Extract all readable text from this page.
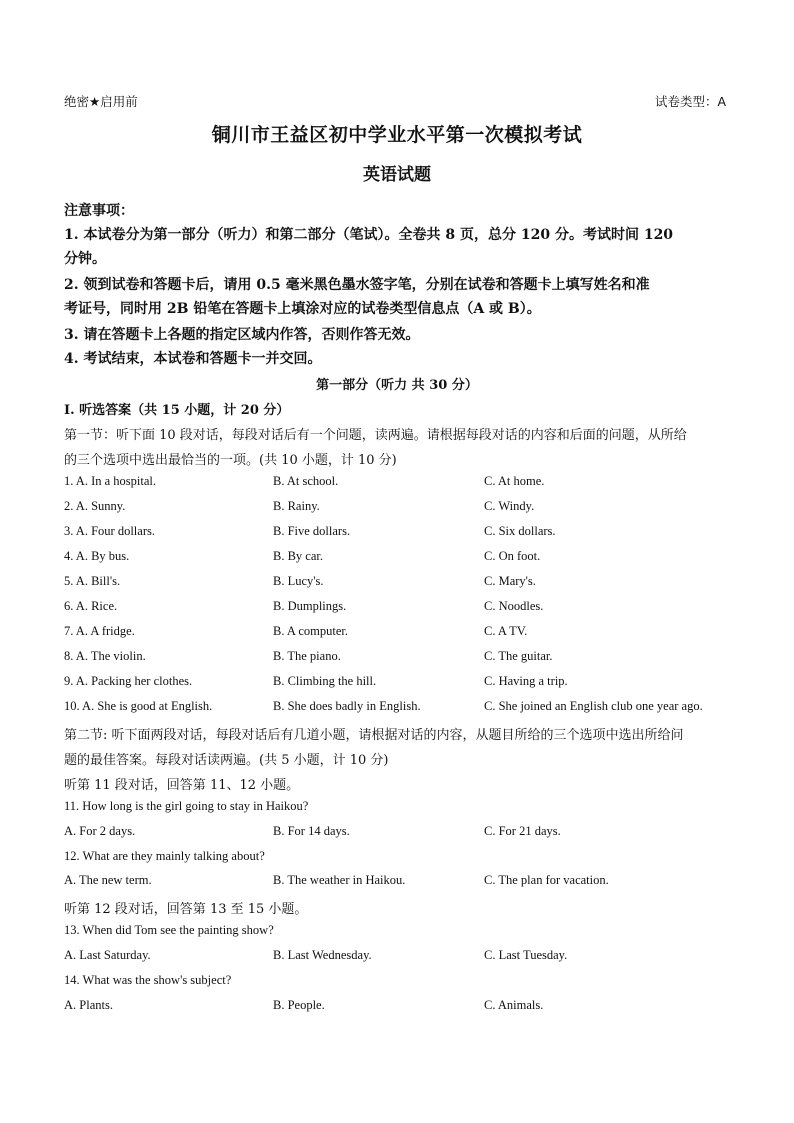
绝密★启用前	试卷类型：A
铜川市王益区初中学业水平第一次模拟考试
英语试题
注意事项：
1. 本试卷分为第一部分（听力）和第二部分（笔试）。全卷共 8 页，总分 120 分。考试时间 120
分钟。
2. 领到试卷和答题卡后，请用 0.5 毫米黑色墨水签字笔，分别在试卷和答题卡上填写姓名和准
考证号，同时用 2B 铅笔在答题卡上填涂对应的试卷类型信息点（A 或 B）。
3. 请在答题卡上各题的指定区域内作答，否则作答无效。
4. 考试结束，本试卷和答题卡一并交回。
第一部分（听力 共 30 分）
Ⅰ. 听选答案（共 15 小题，计 20 分）
第一节：听下面 10 段对话，每段对话后有一个问题，读两遍。请根据每段对话的内容和后面的问题，从所给
的三个选项中选出最恰当的一项。(共 10 小题，计 10 分)
1. A. In a hospital.	B. At school.	C. At home.
2. A. Sunny.	B. Rainy.	C. Windy.
3. A. Four dollars.	B. Five dollars.	C. Six dollars.
4. A. By bus.	B. By car.	C. On foot.
5. A. Bill's.	B. Lucy's.	C. Mary's.
6. A. Rice.	B. Dumplings.	C. Noodles.
7. A. A fridge.	B. A computer.	C. A TV.
8. A. The violin.	B. The piano.	C. The guitar.
9. A. Packing her clothes.	B. Climbing the hill.	C. Having a trip.
10. A. She is good at English.	B. She does badly in English.	C. She joined an English club one year ago.
第二节: 听下面两段对话，每段对话后有几道小题，请根据对话的内容，从题目所给的三个选项中选出所给问
题的最佳答案。每段对话读两遍。(共 5 小题，计 10 分)
听第 11 段对话，回答第 11、12 小题。
11. How long is the girl going to stay in Haikou?
A. For 2 days.	B. For 14 days.	C. For 21 days.
12. What are they mainly talking about?
A. The new term.	B. The weather in Haikou.	C. The plan for vacation.
听第 12 段对话，回答第 13 至 15 小题。
13. When did Tom see the painting show?
A. Last Saturday.	B. Last Wednesday.	C. Last Tuesday.
14. What was the show's subject?
A. Plants.	B. People.	C. Animals.
